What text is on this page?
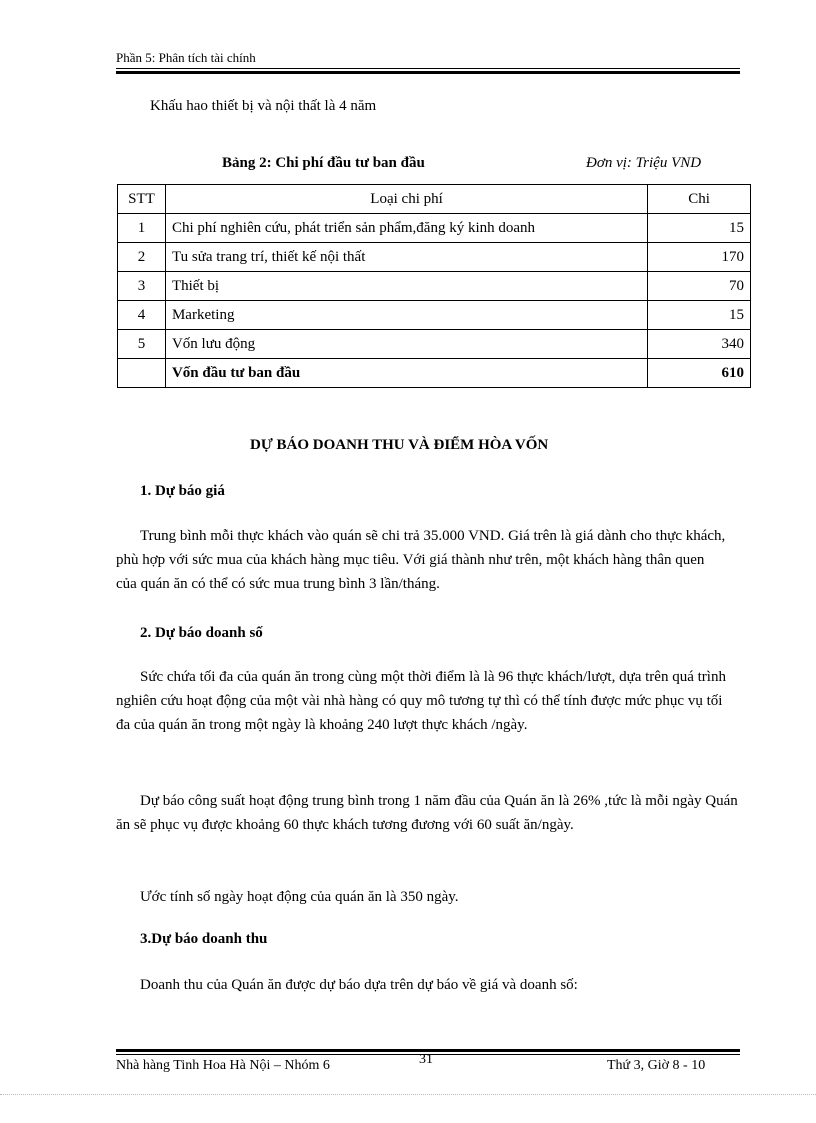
Phần 5: Phân tích tài chính
Khấu hao thiết bị và nội thất là 4 năm
Bảng 2: Chi phí đầu tư ban đầu	Đơn vị: Triệu VND
STT	Loại chi phí	Chi
1	Chi phí nghiên cứu, phát triển sản phẩm,đăng ký kinh doanh	15
2	Tu sửa trang trí, thiết kế nội thất	170
3	Thiết bị	70
4	Marketing	15
5	Vốn lưu động	340
	Vốn đầu tư ban đầu	610
DỰ BÁO DOANH THU VÀ ĐIỂM HÒA VỐN
1. Dự báo giá
Trung bình mỗi thực khách vào quán sẽ chi trả 35.000 VND. Giá trên là giá dành cho thực khách, phù hợp với sức mua của khách hàng mục tiêu. Với giá thành như trên, một khách hàng thân quen của quán ăn có thể có sức mua trung bình 3 lần/tháng.
2. Dự báo doanh số
Sức chứa tối đa của quán ăn trong cùng một thời điểm là là 96 thực khách/lượt, dựa trên quá trình nghiên cứu hoạt động của một vài nhà hàng có quy mô tương tự thì có thể tính được mức phục vụ tối đa của quán ăn trong một ngày là khoảng 240 lượt thực khách /ngày.
Dự báo công suất hoạt động trung bình trong 1 năm đầu của Quán ăn là 26% ,tức là mỗi ngày Quán ăn sẽ phục vụ được khoảng 60 thực khách tương đương với 60 suất ăn/ngày.
Ước tính số ngày hoạt động của quán ăn là 350 ngày.
3.Dự báo doanh thu
Doanh thu của Quán ăn được dự báo dựa trên dự báo về giá và doanh số:
Nhà hàng Tinh Hoa Hà Nội – Nhóm 6	31	Thứ 3, Giờ 8 - 10
